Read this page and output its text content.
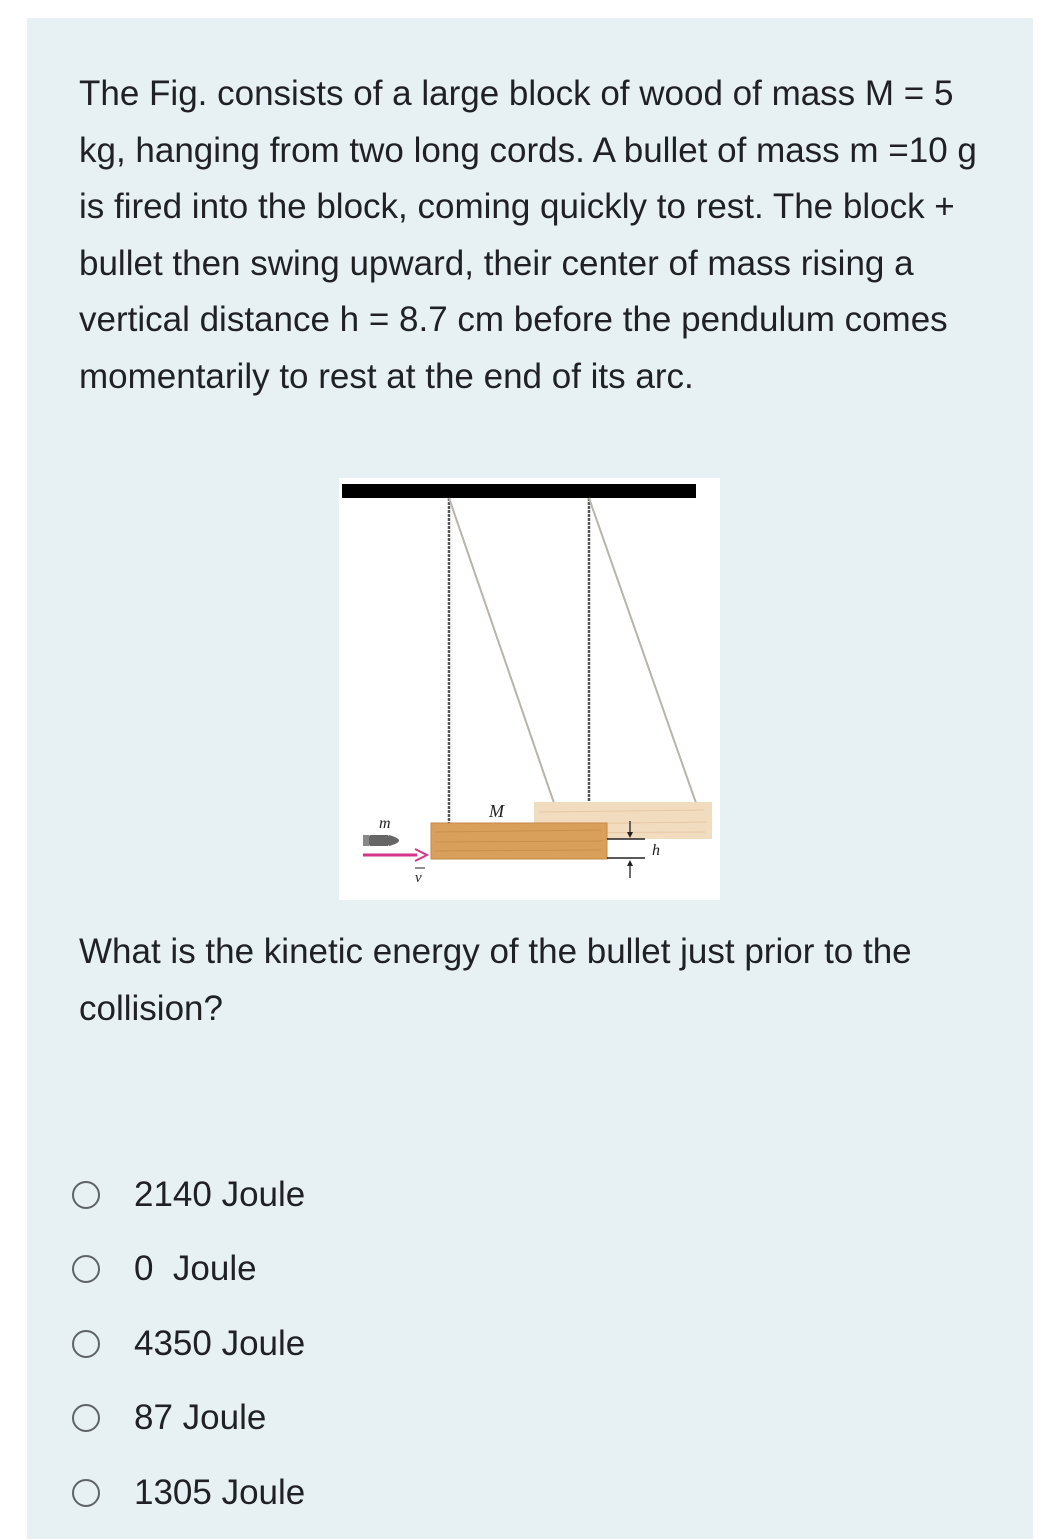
The Fig. consists of a large block of wood of mass M = 5 kg, hanging from two long cords. A bullet of mass m =10 g is fired into the block, coming quickly to rest. The block + bullet then swing upward, their center of mass rising a vertical distance h = 8.7 cm before the pendulum comes momentarily to rest at the end of its arc.

M
m
v
h

What is the kinetic energy of the bullet just prior to the collision?

2140 Joule
0  Joule
4350 Joule
87 Joule
1305 Joule
